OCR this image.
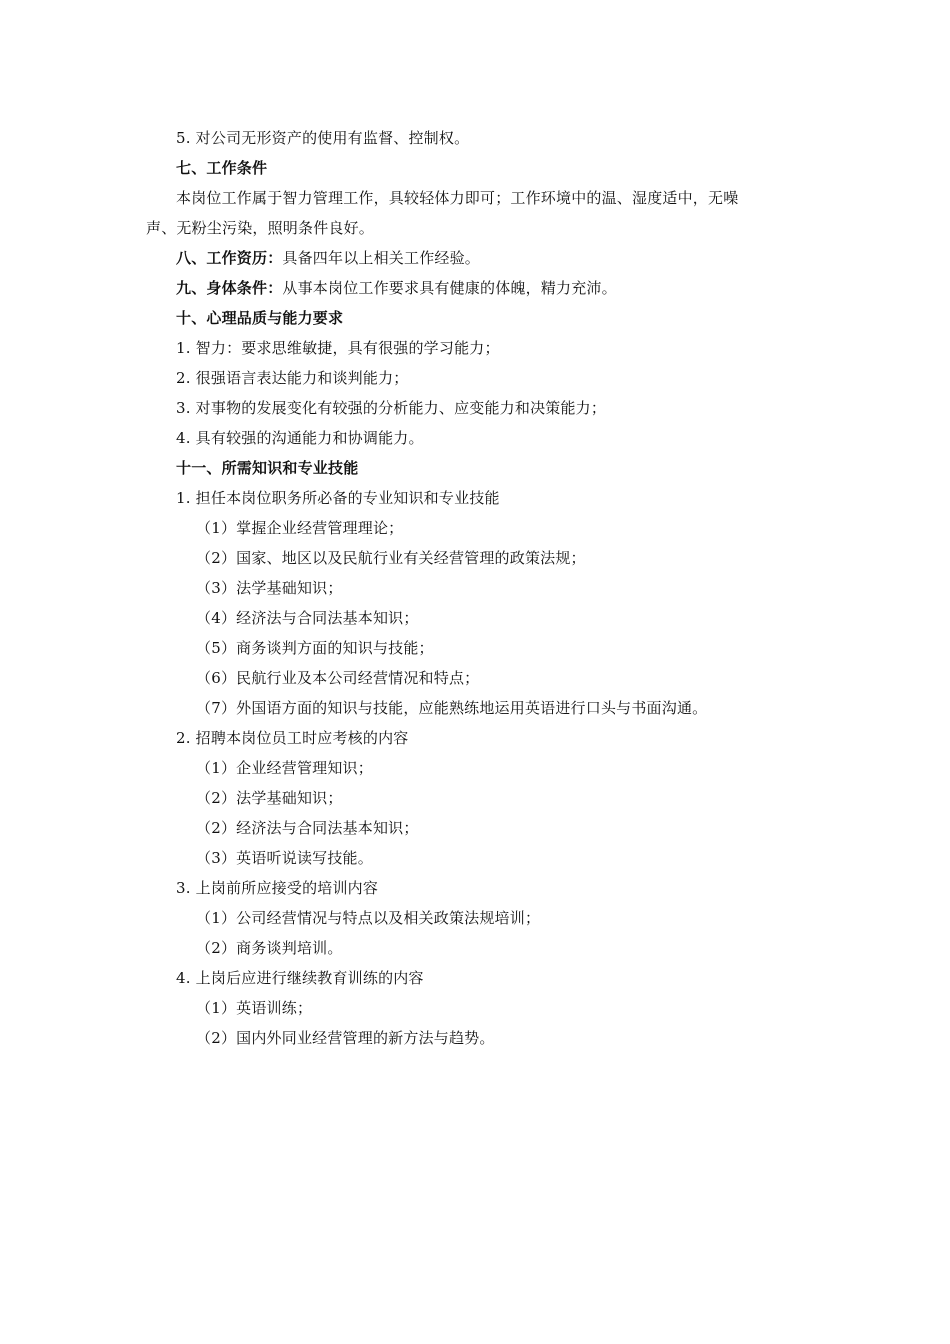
5. 对公司无形资产的使用有监督、控制权。
七、工作条件
本岗位工作属于智力管理工作，具较轻体力即可；工作环境中的温、湿度适中，无噪
声、无粉尘污染，照明条件良好。
八、工作资历：具备四年以上相关工作经验。
九、身体条件：从事本岗位工作要求具有健康的体魄，精力充沛。
十、心理品质与能力要求
1. 智力：要求思维敏捷，具有很强的学习能力；
2. 很强语言表达能力和谈判能力；
3. 对事物的发展变化有较强的分析能力、应变能力和决策能力；
4. 具有较强的沟通能力和协调能力。
十一、所需知识和专业技能
1. 担任本岗位职务所必备的专业知识和专业技能
（1）掌握企业经营管理理论；
（2）国家、地区以及民航行业有关经营管理的政策法规；
（3）法学基础知识；
（4）经济法与合同法基本知识；
（5）商务谈判方面的知识与技能；
（6）民航行业及本公司经营情况和特点；
（7）外国语方面的知识与技能，应能熟练地运用英语进行口头与书面沟通。
2. 招聘本岗位员工时应考核的内容
（1）企业经营管理知识；
（2）法学基础知识；
（2）经济法与合同法基本知识；
（3）英语听说读写技能。
3. 上岗前所应接受的培训内容
（1）公司经营情况与特点以及相关政策法规培训；
（2）商务谈判培训。
4. 上岗后应进行继续教育训练的内容
（1）英语训练；
（2）国内外同业经营管理的新方法与趋势。
